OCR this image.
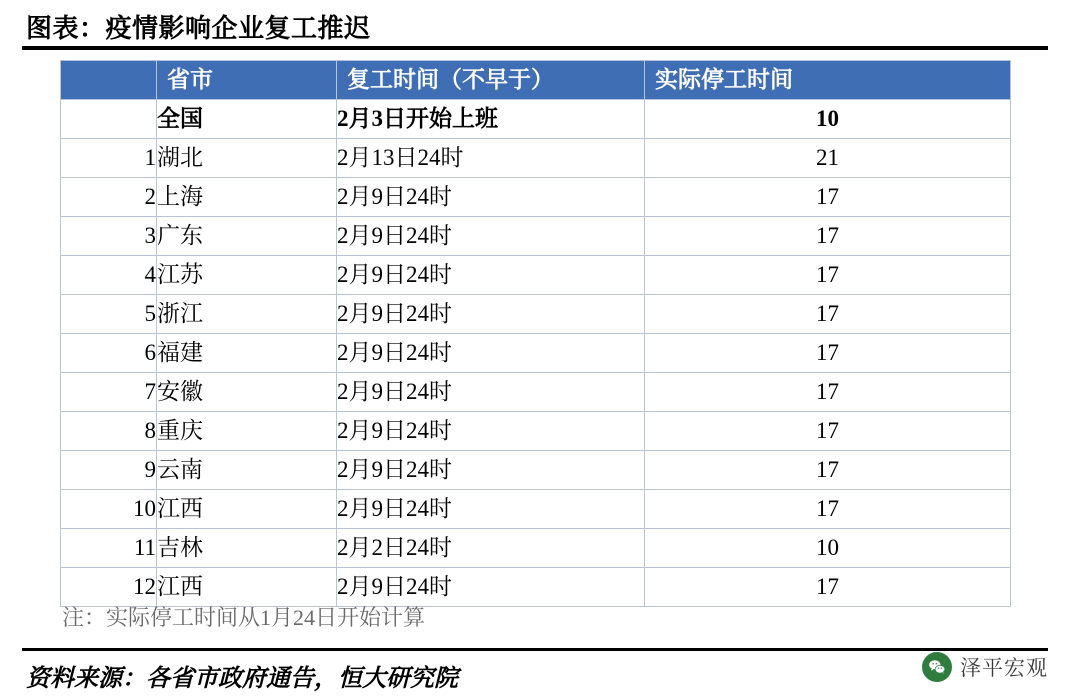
图表：疫情影响企业复工推迟
	省市	复工时间（不早于）	实际停工时间
	全国	2月3日开始上班	10
1	湖北	2月13日24时	21
2	上海	2月9日24时	17
3	广东	2月9日24时	17
4	江苏	2月9日24时	17
5	浙江	2月9日24时	17
6	福建	2月9日24时	17
7	安徽	2月9日24时	17
8	重庆	2月9日24时	17
9	云南	2月9日24时	17
10	江西	2月9日24时	17
11	吉林	2月2日24时	10
12	江西	2月9日24时	17
注：实际停工时间从1月24日开始计算
资料来源：各省市政府通告，恒大研究院	泽平宏观
